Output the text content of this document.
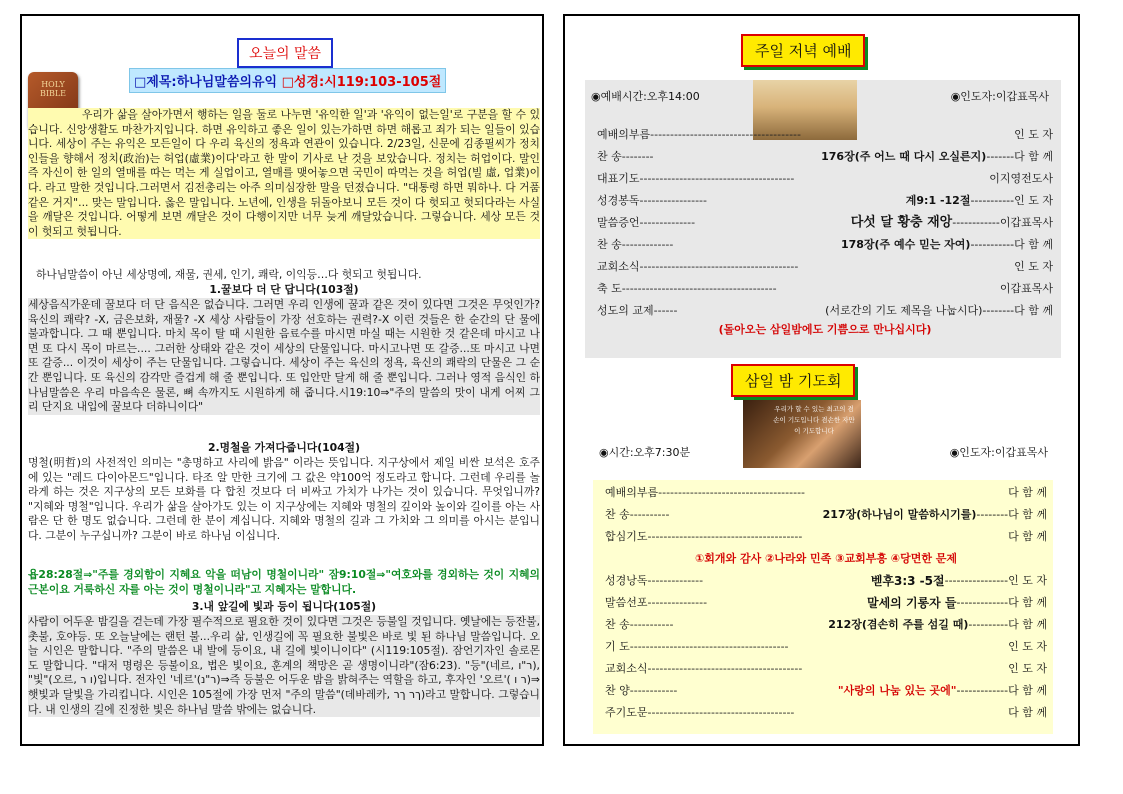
오늘의 말씀
□제목:하나님말씀의유익 □성경:시119:103-105절
HOLY BIBLE
우리가 삶을 살아가면서 행하는 일을 둘로 나누면 '유익한 일'과 '유익이 없는일'로 구분을 할 수 있습니다. 신앙생활도 마찬가지입니다. 하면 유익하고 좋은 일이 있는가하면 하면 해롭고 죄가 되는 일들이 있습니다. 세상이 주는 유익은 모든일이 다 우리 육신의 정욕과 연관이 있습니다. 2/23일, 신문에 김종필씨가 정치인들을 향해서 정치(政治)는 허업(虛業)이다'라고 한 말이 기사로 난 것을 보았습니다. 정치는 허업이다. 말인즉 자신이 한 일의 열매를 따는 먹는 게 실업이고, 열매를 맺어놓으면 국민이 따먹는 것을 허업(빌 虛, 업業)이다. 라고 말한 것입니다.그러면서 김전총리는 아주 의미심장한 말을 던졌습니다. "대통령 하면 뭐하나. 다 거품 같은 거지"... 맞는 말입니다. 옳은 말입니다. 노년에, 인생을 뒤돌아보니 모든 것이 다 헛되고 헛되다라는 사실을 깨달은 것입니다. 어떻게 보면 깨달은 것이 다행이지만 너무 늦게 깨달았습니다. 그렇습니다. 세상 모든 것이 헛되고 헛됩니다.
하나님말씀이 아닌 세상명예, 재물, 권세, 인기, 쾌락, 이익등…다 헛되고 헛됩니다.
1.꿀보다 더 단 답니다(103절)
세상음식가운데 꿀보다 더 단 음식은 없습니다. 그러면 우리 인생에 꿀과 같은 것이 있다면 그것은 무엇인가? 육신의 쾌락? -X, 금은보화, 재물? -X 세상 사람들이 가장 선호하는 권력?-X 이런 것들은 한 순간의 단 물에 불과합니다. 그 때 뿐입니다. 마치 목이 탈 때 시원한 음료수를 마시면 마실 때는 시원한 것 같은데 마시고 나면 또 다시 목이 마르는.... 그러한 상태와 같은 것이 세상의 단물입니다. 마시고나면 또 갈증...또 마시고 나면 또 갈증... 이것이 세상이 주는 단물입니다. 그렇습니다. 세상이 주는 육신의 정욕, 육신의 쾌락의 단물은 그 순간 뿐입니다. 또 육신의 감각만 즐겁게 해 줄 뿐입니다. 또 입안만 달게 해 줄 뿐입니다. 그러나 영적 음식인 하나님말씀은 우리 마음속은 물론, 뼈 속까지도 시원하게 해 줍니다.시19:10⇒"주의 말씀의 맛이 내게 어찌 그리 단지요 내입에 꿀보다 더하니이다"
2.명철을 가져다줍니다(104절)
명철(明哲)의 사전적인 의미는 "총명하고 사리에 밝음" 이라는 뜻입니다. 지구상에서 제일 비싼 보석은 호주에 있는 "레드 다이아몬드"입니다. 타조 알 만한 크기에 그 값은 약100억 정도라고 합니다. 그런데 우리를 놀라게 하는 것은 지구상의 모든 보화를 다 합친 것보다 더 비싸고 가치가 나가는 것이 있습니다. 무엇입니까? "지혜와 명철"입니다. 우리가 삶을 살아가도 있는 이 지구상에는 지혜와 명철의 깊이와 높이와 길이를 아는 사람은 단 한 명도 없습니다. 그런데 한 분이 계십니다. 지혜와 명철의 길과 그 가치와 그 의미를 아시는 분입니다. 그분이 누구십니까? 그분이 바로 하나님 이십니다.
욥28:28절⇒"주를 경외함이 지혜요 악을 떠남이 명철이니라" 잠9:10절⇒"여호와를 경외하는 것이 지혜의 근본이요 거룩하신 자를 아는 것이 명철이니라"고 지혜자는 말합니다.
3.내 앞길에 빛과 등이 됩니다(105절)
사람이 어두운 밤길을 걷는데 가장 필수적으로 필요한 것이 있다면 그것은 등불일 것입니다. 옛날에는 등잔불, 촛불, 호야등. 또 오늘날에는 랜턴 불...우리 삶, 인생길에 꼭 필요한 불빛은 바로 빛 된 하나님 말씀입니다. 오늘 시인은 말합니다. "주의 말씀은 내 발에 등이요, 내 길에 빛이니이다" (시119:105절). 잠언기자인 솔로몬도 말합니다. "대저 명령은 등불이요, 법은 빛이요, 훈계의 책망은 곧 생명이니라"(잠6:23). "등"(네르, ר"ו), "빛"(오르, ו ר)입니다. 전자인 '네르'(ר"נ)⇒즉 등불은 어두운 밤을 밝혀주는 역할을 하고, 후자인 '오르'( ר ו)⇒햇빛과 달빛을 가리킵니다. 시인은 105절에 가장 먼저 "주의 말씀"(데바레카, ךר ךר)라고 말합니다. 그렇습니다. 내 인생의 길에 진정한 빛은 하나님 말씀 밖에는 없습니다.
주일 저녁 예배
◉예배시간:오후14:00	◉인도자:이갑표목사
예배의부름 --------------------------------------	인 도 자
찬 송 --------	176장(주 어느 때 다시 오실른지) -------다 함 께
대표기도 ---------------------------------------	이지영전도사
성경봉독 -----------------	계9:1 -12절 -----------인 도 자
말씀증언 --------------	다섯 달 황충 재앙 ------------이갑표목사
찬 송 -------------	178장(주 예수 믿는 자여) -----------다 함 께
교회소식 ----------------------------------------	인 도 자
축 도 ---------------------------------------	이갑표목사
성도의 교제 ------	(서로간의 기도 제목을 나눕시다) --------다 함 께
(돌아오는 삼일밤에도 기쁨으로 만나십시다)
삼일 밤 기도회
우리가 할 수 있는 최고의 겸손이 기도입니다 겸손한 자만이 기도합니다
◉시간:오후7:30분	◉인도자:이갑표목사
예배의부름 -------------------------------------	다 함 께
찬 송 ----------	217장(하나님이 말씀하시기를) --------다 함 께
합심기도 ---------------------------------------	다 함 께
①회개와 감사 ②나라와 민족 ③교회부흥 ④당면한 문제
성경낭독 --------------	벧후3:3 -5절 ----------------인 도 자
말씀선포 ---------------	말세의 기롱자 들 -------------다 함 께
찬 송 -----------	212장(겸손히 주를 섬길 때) ----------다 함 께
기 도 ----------------------------------------	인 도 자
교회소식 ---------------------------------------	인 도 자
찬 양 ------------	"사랑의 나눔 있는 곳에" -------------다 함 께
주기도문 -------------------------------------	다 함 께
